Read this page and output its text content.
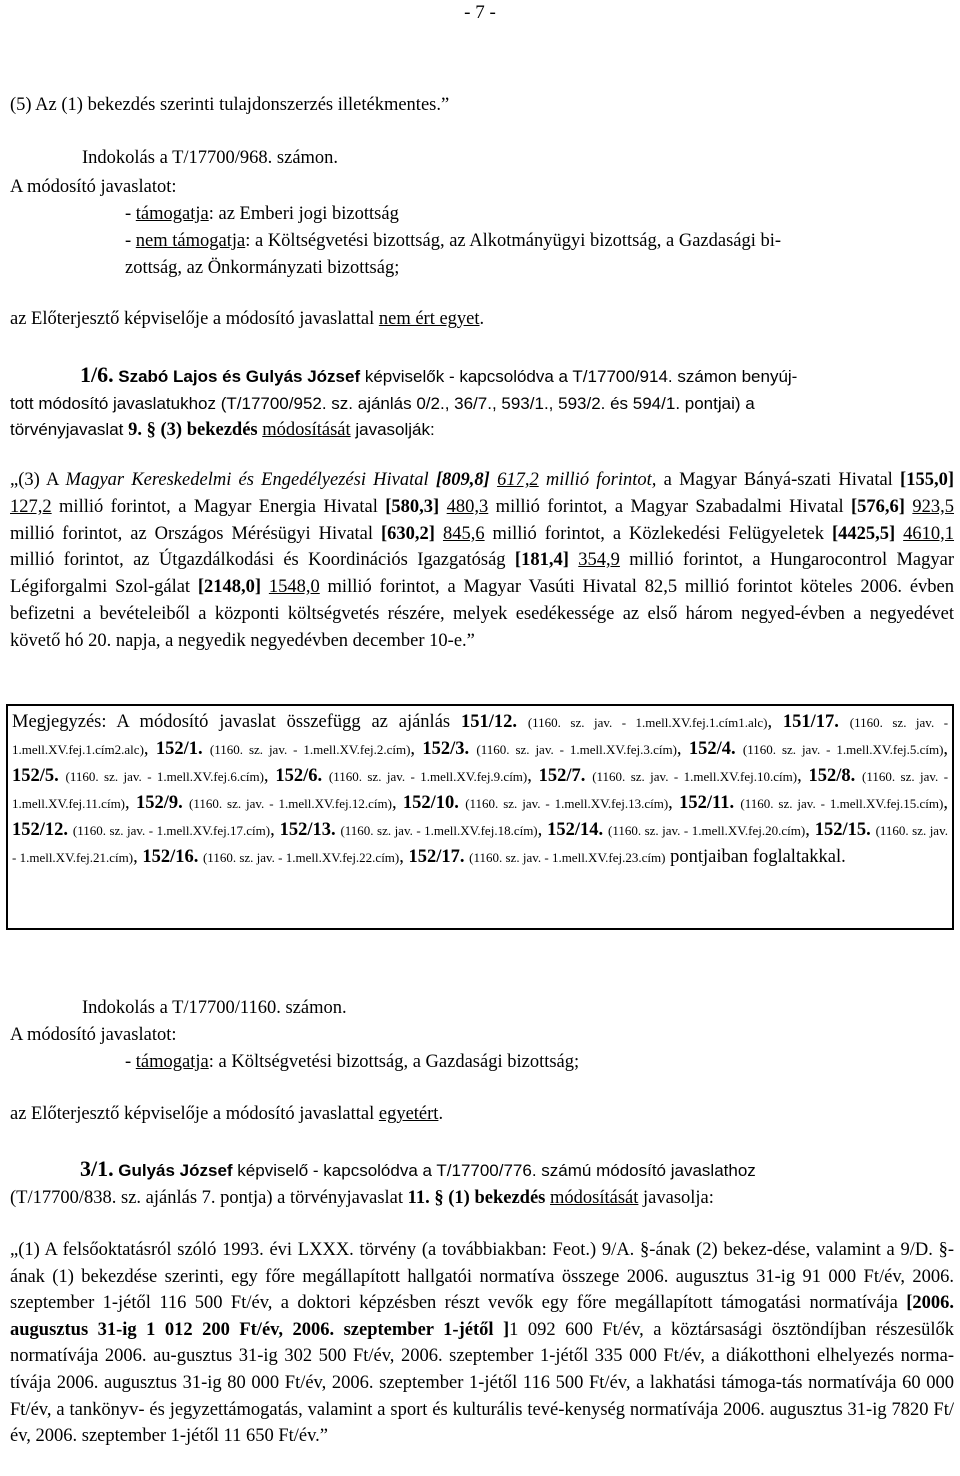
- 7 -
(5) Az (1) bekezdés szerinti tulajdonszerzés illetékmentes.”
Indokolás a T/17700/968. számon.
A módosító javaslatot:
- támogatja: az Emberi jogi bizottság
- nem támogatja: a Költségvetési bizottság, az Alkotmányügyi bizottság, a Gazdasági bi-
zottság, az Önkormányzati bizottság;
az Előterjesztő képviselője a módosító javaslattal nem ért egyet.
1/6. Szabó Lajos és Gulyás József képviselők - kapcsolódva a T/17700/914. számon benyúj-
tott módosító javaslatukhoz (T/17700/952. sz. ajánlás 0/2., 36/7., 593/1., 593/2. és 594/1. pontjai) a
törvényjavaslat 9. § (3) bekezdés módosítását javasolják:
„(3) A Magyar Kereskedelmi és Engedélyezési Hivatal [809,8] 617,2 millió forintot, a Magyar Bányá-szati Hivatal [155,0] 127,2 millió forintot, a Magyar Energia Hivatal [580,3] 480,3 millió forintot, a Magyar Szabadalmi Hivatal [576,6] 923,5 millió forintot, az Országos Mérésügyi Hivatal [630,2] 845,6 millió forintot, a Közlekedési Felügyeletek [4425,5] 4610,1 millió forintot, az Útgazdálkodási és Koordinációs Igazgatóság [181,4] 354,9 millió forintot, a Hungarocontrol Magyar Légiforgalmi Szol-gálat [2148,0] 1548,0 millió forintot, a Magyar Vasúti Hivatal 82,5 millió forintot köteles 2006. évben befizetni a bevételeiből a központi költségvetés részére, melyek esedékessége az első három negyed-évben a negyedévet követő hó 20. napja, a negyedik negyedévben december 10-e.”
Megjegyzés: A módosító javaslat összefügg az ajánlás 151/12. (1160. sz. jav. - 1.mell.XV.fej.1.cím1.alc), 151/17. (1160. sz. jav. - 1.mell.XV.fej.1.cím2.alc), 152/1. (1160. sz. jav. - 1.mell.XV.fej.2.cím), 152/3. (1160. sz. jav. - 1.mell.XV.fej.3.cím), 152/4. (1160. sz. jav. - 1.mell.XV.fej.5.cím), 152/5. (1160. sz. jav. - 1.mell.XV.fej.6.cím), 152/6. (1160. sz. jav. - 1.mell.XV.fej.9.cím), 152/7. (1160. sz. jav. - 1.mell.XV.fej.10.cím), 152/8. (1160. sz. jav. - 1.mell.XV.fej.11.cím), 152/9. (1160. sz. jav. - 1.mell.XV.fej.12.cím), 152/10. (1160. sz. jav. - 1.mell.XV.fej.13.cím), 152/11. (1160. sz. jav. - 1.mell.XV.fej.15.cím), 152/12. (1160. sz. jav. - 1.mell.XV.fej.17.cím), 152/13. (1160. sz. jav. - 1.mell.XV.fej.18.cím), 152/14. (1160. sz. jav. - 1.mell.XV.fej.20.cím), 152/15. (1160. sz. jav. - 1.mell.XV.fej.21.cím), 152/16. (1160. sz. jav. - 1.mell.XV.fej.22.cím), 152/17. (1160. sz. jav. - 1.mell.XV.fej.23.cím) pontjaiban foglaltakkal.
Indokolás a T/17700/1160. számon.
A módosító javaslatot:
- támogatja: a Költségvetési bizottság, a Gazdasági bizottság;
az Előterjesztő képviselője a módosító javaslattal egyetért.
3/1. Gulyás József képviselő - kapcsolódva a T/17700/776. számú módosító javaslathoz
(T/17700/838. sz. ajánlás 7. pontja) a törvényjavaslat 11. § (1) bekezdés módosítását javasolja:
„(1) A felsőoktatásról szóló 1993. évi LXXX. törvény (a továbbiakban: Feot.) 9/A. §-ának (2) bekez-dése, valamint a 9/D. §-ának (1) bekezdése szerinti, egy főre megállapított hallgatói normatíva összege 2006. augusztus 31-ig 91 000 Ft/év, 2006. szeptember 1-jétől 116 500 Ft/év, a doktori képzésben részt vevők egy főre megállapított támogatási normatívája [2006. augusztus 31-ig 1 012 200 Ft/év, 2006. szeptember 1-jétől ]1 092 600 Ft/év, a köztársasági ösztöndíjban részesülők normatívája 2006. au-gusztus 31-ig 302 500 Ft/év, 2006. szeptember 1-jétől 335 000 Ft/év, a diákotthoni elhelyezés norma-tívája 2006. augusztus 31-ig 80 000 Ft/év, 2006. szeptember 1-jétől 116 500 Ft/év, a lakhatási támoga-tás normatívája 60 000 Ft/év, a tankönyv- és jegyzettámogatás, valamint a sport és kulturális tevé-kenység normatívája 2006. augusztus 31-ig 7820 Ft/év, 2006. szeptember 1-jétől 11 650 Ft/év.”
